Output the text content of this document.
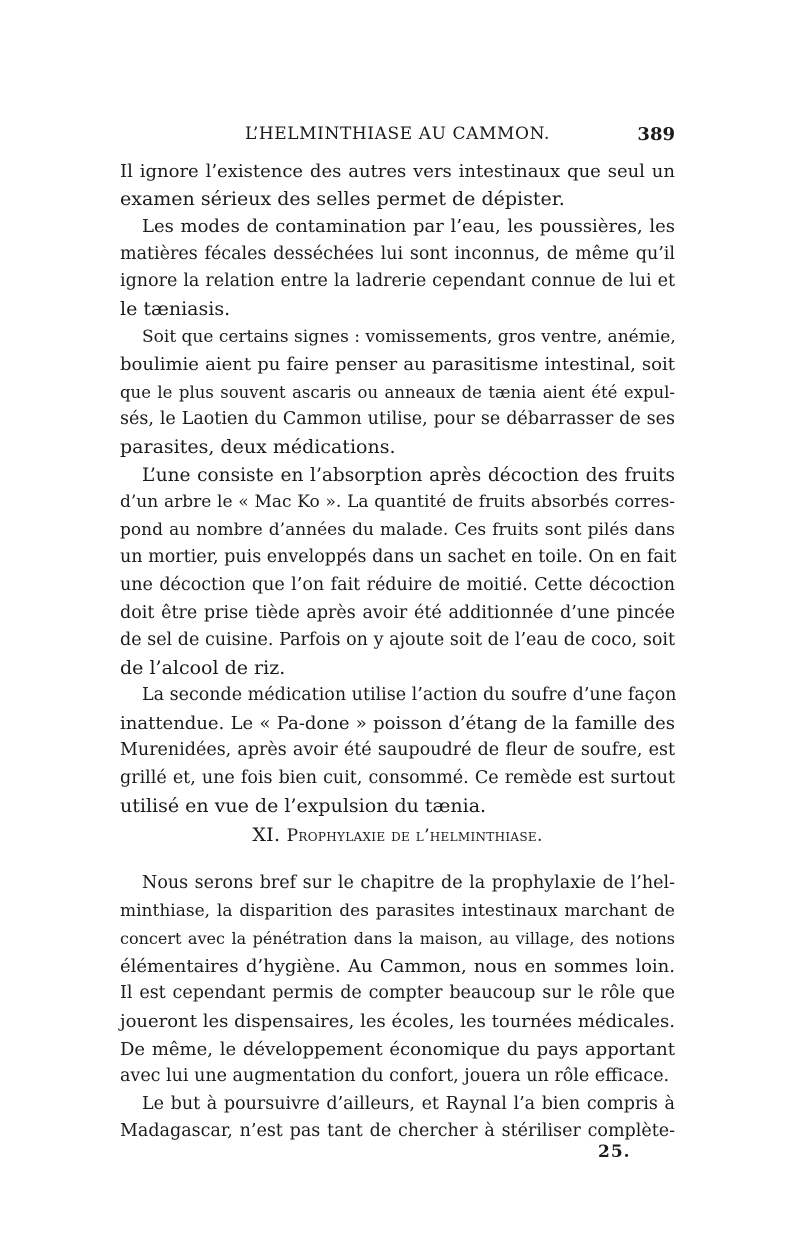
L’HELMINTHIASE AU CAMMON.	389
Il ignore l’existence des autres vers intestinaux que seul un
examen sérieux des selles permet de dépister.
Les modes de contamination par l’eau, les poussières, les
matières fécales desséchées lui sont inconnus, de même qu’il
ignore la relation entre la ladrerie cependant connue de lui et
le tæniasis.
Soit que certains signes : vomissements, gros ventre, anémie,
boulimie aient pu faire penser au parasitisme intestinal, soit
que le plus souvent ascaris ou anneaux de tænia aient été expul-
sés, le Laotien du Cammon utilise, pour se débarrasser de ses
parasites, deux médications.
L’une consiste en l’absorption après décoction des fruits
d’un arbre le « Mac Ko ». La quantité de fruits absorbés corres-
pond au nombre d’années du malade. Ces fruits sont pilés dans
un mortier, puis enveloppés dans un sachet en toile. On en fait
une décoction que l’on fait réduire de moitié. Cette décoction
doit être prise tiède après avoir été additionnée d’une pincée
de sel de cuisine. Parfois on y ajoute soit de l’eau de coco, soit
de l’alcool de riz.
La seconde médication utilise l’action du soufre d’une façon
inattendue. Le « Pa-done » poisson d’étang de la famille des
Murenidées, après avoir été saupoudré de fleur de soufre, est
grillé et, une fois bien cuit, consommé. Ce remède est surtout
utilisé en vue de l’expulsion du tænia.
XI. Prophylaxie de l’helminthiase.
Nous serons bref sur le chapitre de la prophylaxie de l’hel-
minthiase, la disparition des parasites intestinaux marchant de
concert avec la pénétration dans la maison, au village, des notions
élémentaires d’hygiène. Au Cammon, nous en sommes loin.
Il est cependant permis de compter beaucoup sur le rôle que
joueront les dispensaires, les écoles, les tournées médicales.
De même, le développement économique du pays apportant
avec lui une augmentation du confort, jouera un rôle efficace.
Le but à poursuivre d’ailleurs, et Raynal l’a bien compris à
Madagascar, n’est pas tant de chercher à stériliser complète-
25.
